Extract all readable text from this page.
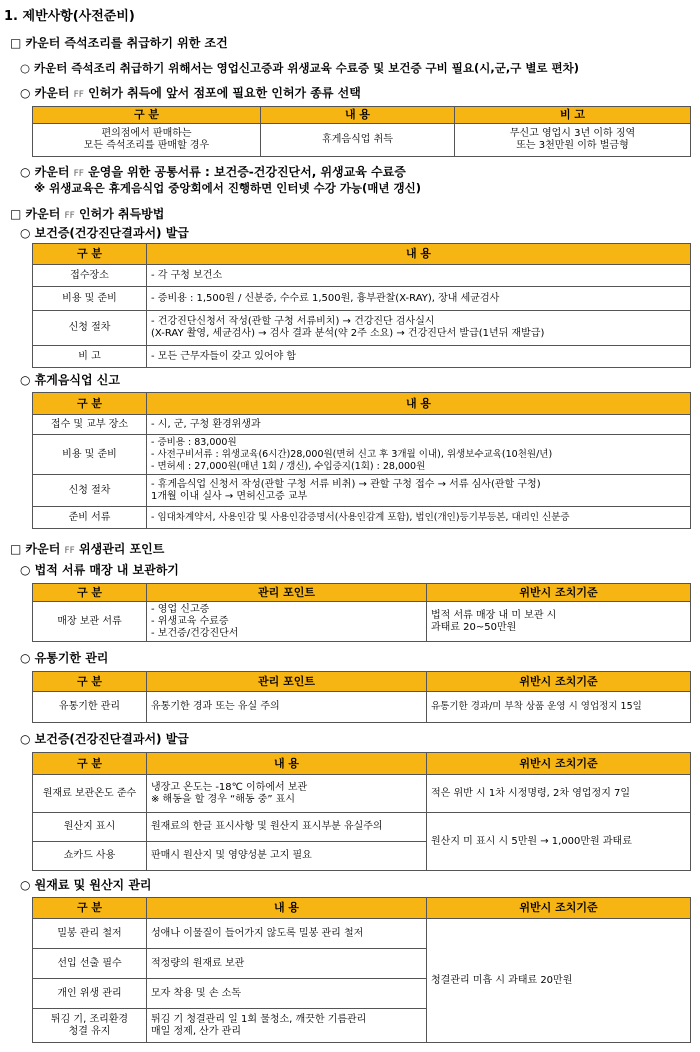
1. 제반사항(사전준비)
□ 카운터 즉석조리를 취급하기 위한 조건
○ 카운터 즉석조리 취급하기 위해서는 영업신고증과 위생교육 수료증 및 보건증 구비 필요(시,군,구 별로 편차)
○ 카운터 FF 인허가 취득에 앞서 점포에 필요한 인허가 종류 선택
구 분	내 용	비 고
편의점에서 판매하는
모든 즉석조리를 판매할 경우	휴게음식업 취득	무신고 영업시 3년 이하 징역
또는 3천만원 이하 벌금형
○ 카운터 FF 운영을 위한 공통서류 : 보건증-건강진단서, 위생교육 수료증
※ 위생교육은 휴게음식업 중앙회에서 진행하면 인터넷 수강 가능(매년 갱신)
□ 카운터 FF 인허가 취득방법
○ 보건증(건강진단결과서) 발급
구 분	내 용
접수장소	- 각 구청 보건소
비용 및 준비	- 증비용 : 1,500원 / 신분증, 수수료 1,500원, 흉부관찰(X-RAY), 장내 세균검사
신청 절차	- 건강진단신청서 작성(관할 구청 서류비치) → 건강진단 검사실시
(X-RAY 촬영, 세균검사) → 검사 결과 분석(약 2주 소요) → 건강진단서 발급(1년뒤 재발급)
비 고	- 모든 근무자들이 갖고 있어야 함
○ 휴게음식업 신고
구 분	내 용
접수 및 교부 장소	- 시, 군, 구청 환경위생과
비용 및 준비	- 증비용 : 83,000원
- 사전구비서류 : 위생교육(6시간)28,000원(면허 신고 후 3개월 이내), 위생보수교육(10천원/년)
- 면허세 : 27,000원(매년 1회 / 갱신), 수입증지(1회) : 28,000원
신청 절차	- 휴게음식업 신청서 작성(관할 구청 서류 비취) → 관할 구청 접수 → 서류 심사(관할 구청)
1개월 이내 실사 → 면허신고증 교부
준비 서류	- 임대차계약서, 사용인감 및 사용인감증명서(사용인감계 포함), 법인(개인)등기부등본, 대리인 신분증
□ 카운터 FF 위생관리 포인트
○ 법적 서류 매장 내 보관하기
구 분	관리 포인트	위반시 조치기준
매장 보관 서류	- 영업 신고증
- 위생교육 수료증
- 보건증/건강진단서	법적 서류 매장 내 미 보관 시
과태료 20~50만원
○ 유통기한 관리
구 분	관리 포인트	위반시 조치기준
유통기한 관리	유통기한 경과 또는 유실 주의	유통기한 경과/미 부착 상품 운영 시 영업정지 15일
○ 보건증(건강진단결과서) 발급
구 분	내 용	위반시 조치기준
원재료 보관온도 준수	냉장고 온도는 -18℃ 이하에서 보관
※ 해동을 할 경우 “해동 중” 표시	적은 위반 시 1차 시정명령, 2차 영업정지 7일
원산지 표시	원재료의 한글 표시사항 및 원산지 표시부분 유실주의	원산지 미 표시 시 5만원 → 1,000만원 과태료
쇼카드 사용	판매시 원산지 및 영양성분 고지 필요	
○ 원재료 및 원산지 관리
구 분	내 용	위반시 조치기준
밀봉 관리 철저	성애나 이물질이 들어가지 않도록 밀봉 관리 철저	청결관리 미흡 시 과태료 20만원
선입 선출 필수	적정량의 원재료 보관	
개인 위생 관리	모자 착용 및 손 소독	
튀김 기, 조리환경
청결 유지	튀김 기 청결관리 일 1회 물청소, 깨끗한 기름관리
매일 정제, 산가 관리	
